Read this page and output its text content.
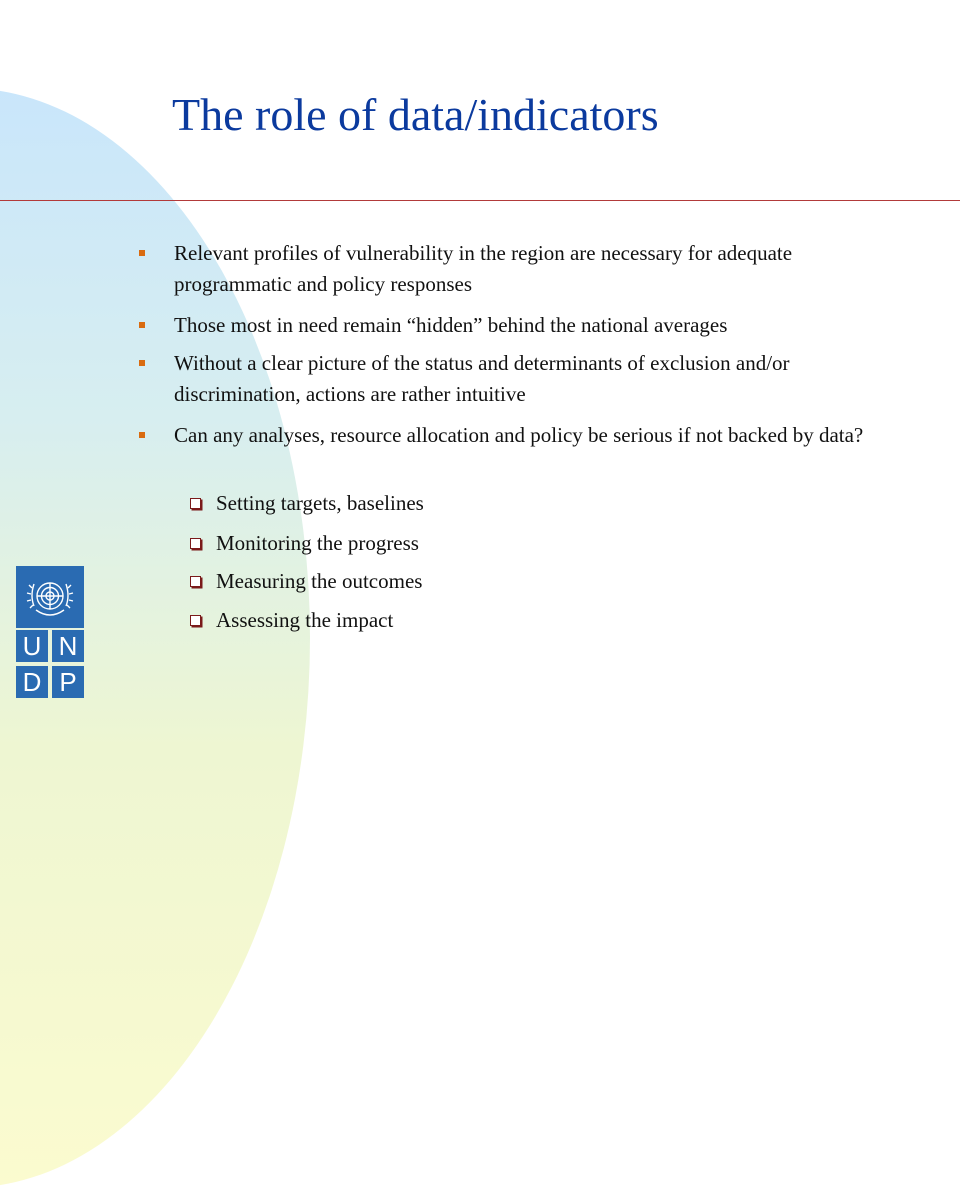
The role of data/indicators
Relevant profiles of vulnerability in the region are necessary for adequate programmatic and policy responses
Those most in need remain “hidden” behind the national averages
Without a clear picture of the status and determinants of exclusion and/or discrimination, actions are rather intuitive
Can any analyses, resource allocation and policy be serious if not backed by data?
Setting targets, baselines
Monitoring the progress
Measuring the outcomes
Assessing the impact
U N
D P
